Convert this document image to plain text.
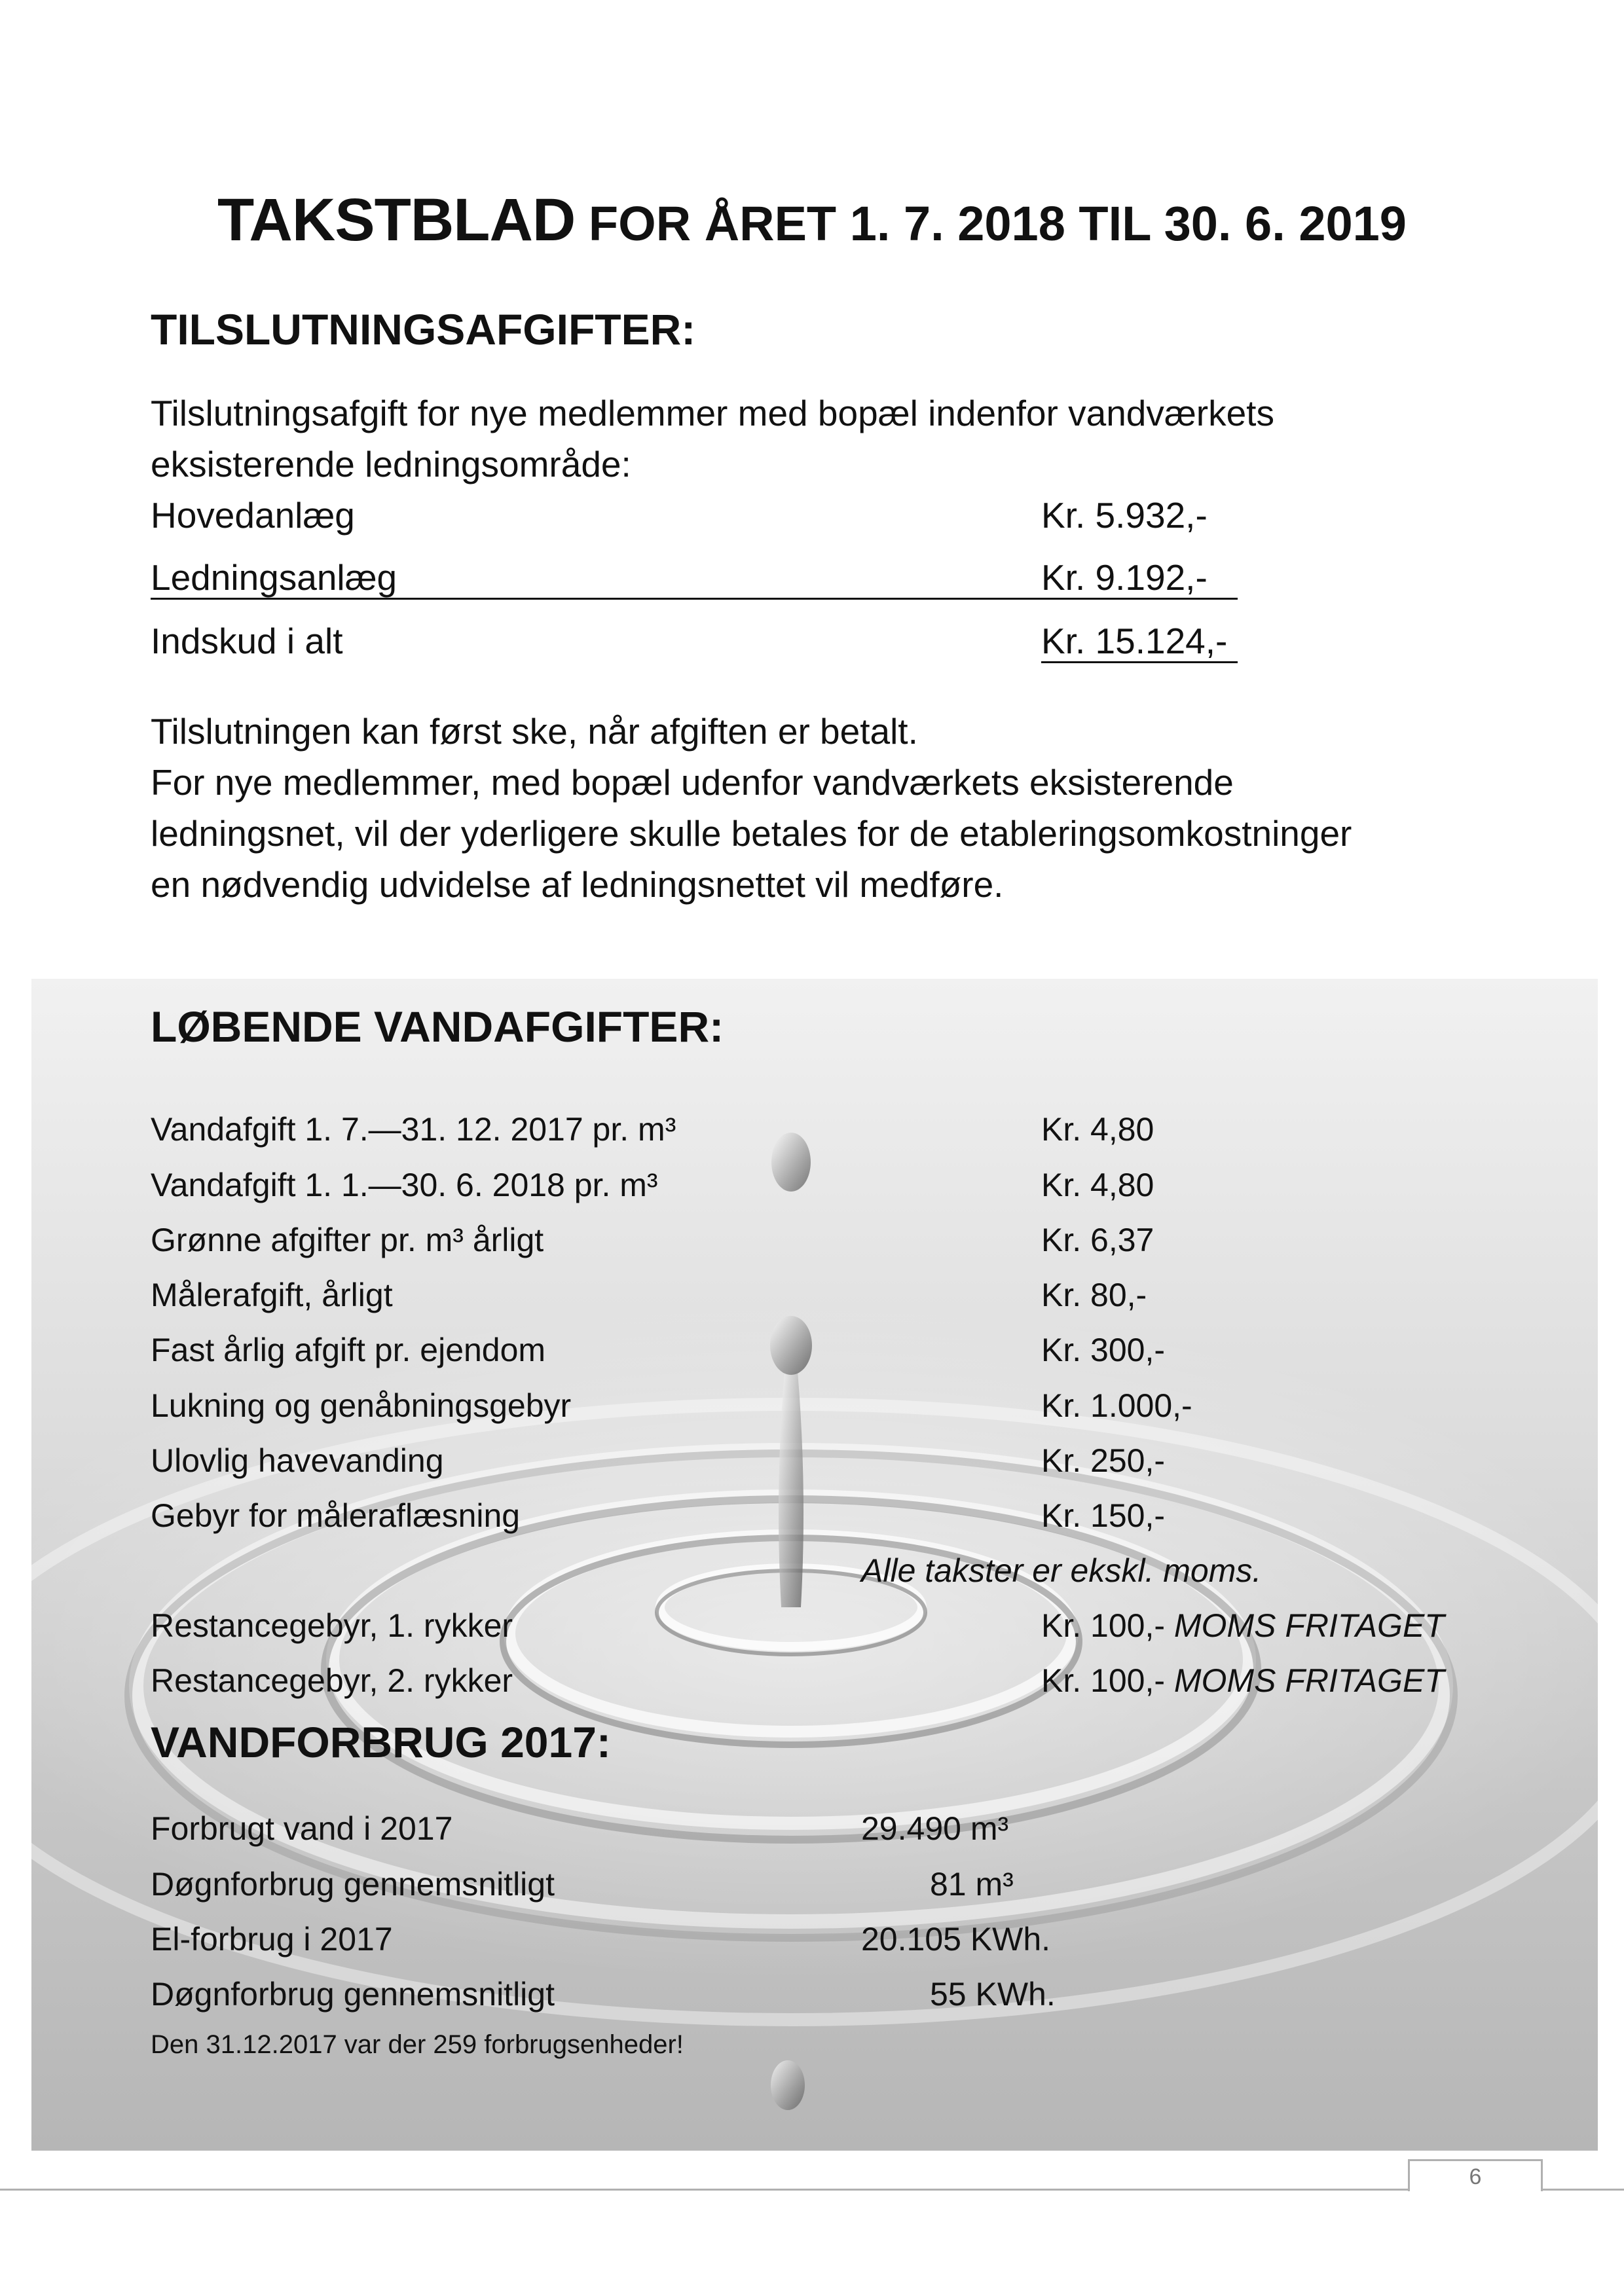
TAKSTBLAD FOR ÅRET 1. 7. 2018 TIL 30. 6. 2019
TILSLUTNINGSAFGIFTER:
Tilslutningsafgift for nye medlemmer med bopæl indenfor vandværkets
eksisterende ledningsområde:
Hovedanlæg	Kr. 5.932,-
Ledningsanlæg	Kr. 9.192,-
Indskud i alt	Kr. 15.124,-
Tilslutningen kan først ske, når afgiften er betalt.
For nye medlemmer, med bopæl udenfor vandværkets eksisterende
ledningsnet, vil der yderligere skulle betales for de etableringsomkostninger
en nødvendig udvidelse af ledningsnettet vil medføre.
LØBENDE VANDAFGIFTER:
Vandafgift 1. 7.—31. 12. 2017 pr. m³	Kr. 4,80
Vandafgift 1. 1.—30. 6. 2018 pr. m³	Kr. 4,80
Grønne afgifter pr. m³ årligt	Kr. 6,37
Målerafgift, årligt	Kr. 80,-
Fast årlig afgift pr. ejendom	Kr. 300,-
Lukning og genåbningsgebyr	Kr. 1.000,-
Ulovlig havevanding	Kr. 250,-
Gebyr for måleraflæsning	Kr. 150,-
Alle takster er ekskl. moms.
Restancegebyr, 1. rykker	Kr. 100,- MOMS FRITAGET
Restancegebyr, 2. rykker	Kr. 100,- MOMS FRITAGET
VANDFORBRUG 2017:
Forbrugt vand i 2017	29.490 m³
Døgnforbrug gennemsnitligt	81 m³
El-forbrug i 2017	20.105 KWh.
Døgnforbrug gennemsnitligt	55 KWh.
Den 31.12.2017 var der 259 forbrugsenheder!
6
